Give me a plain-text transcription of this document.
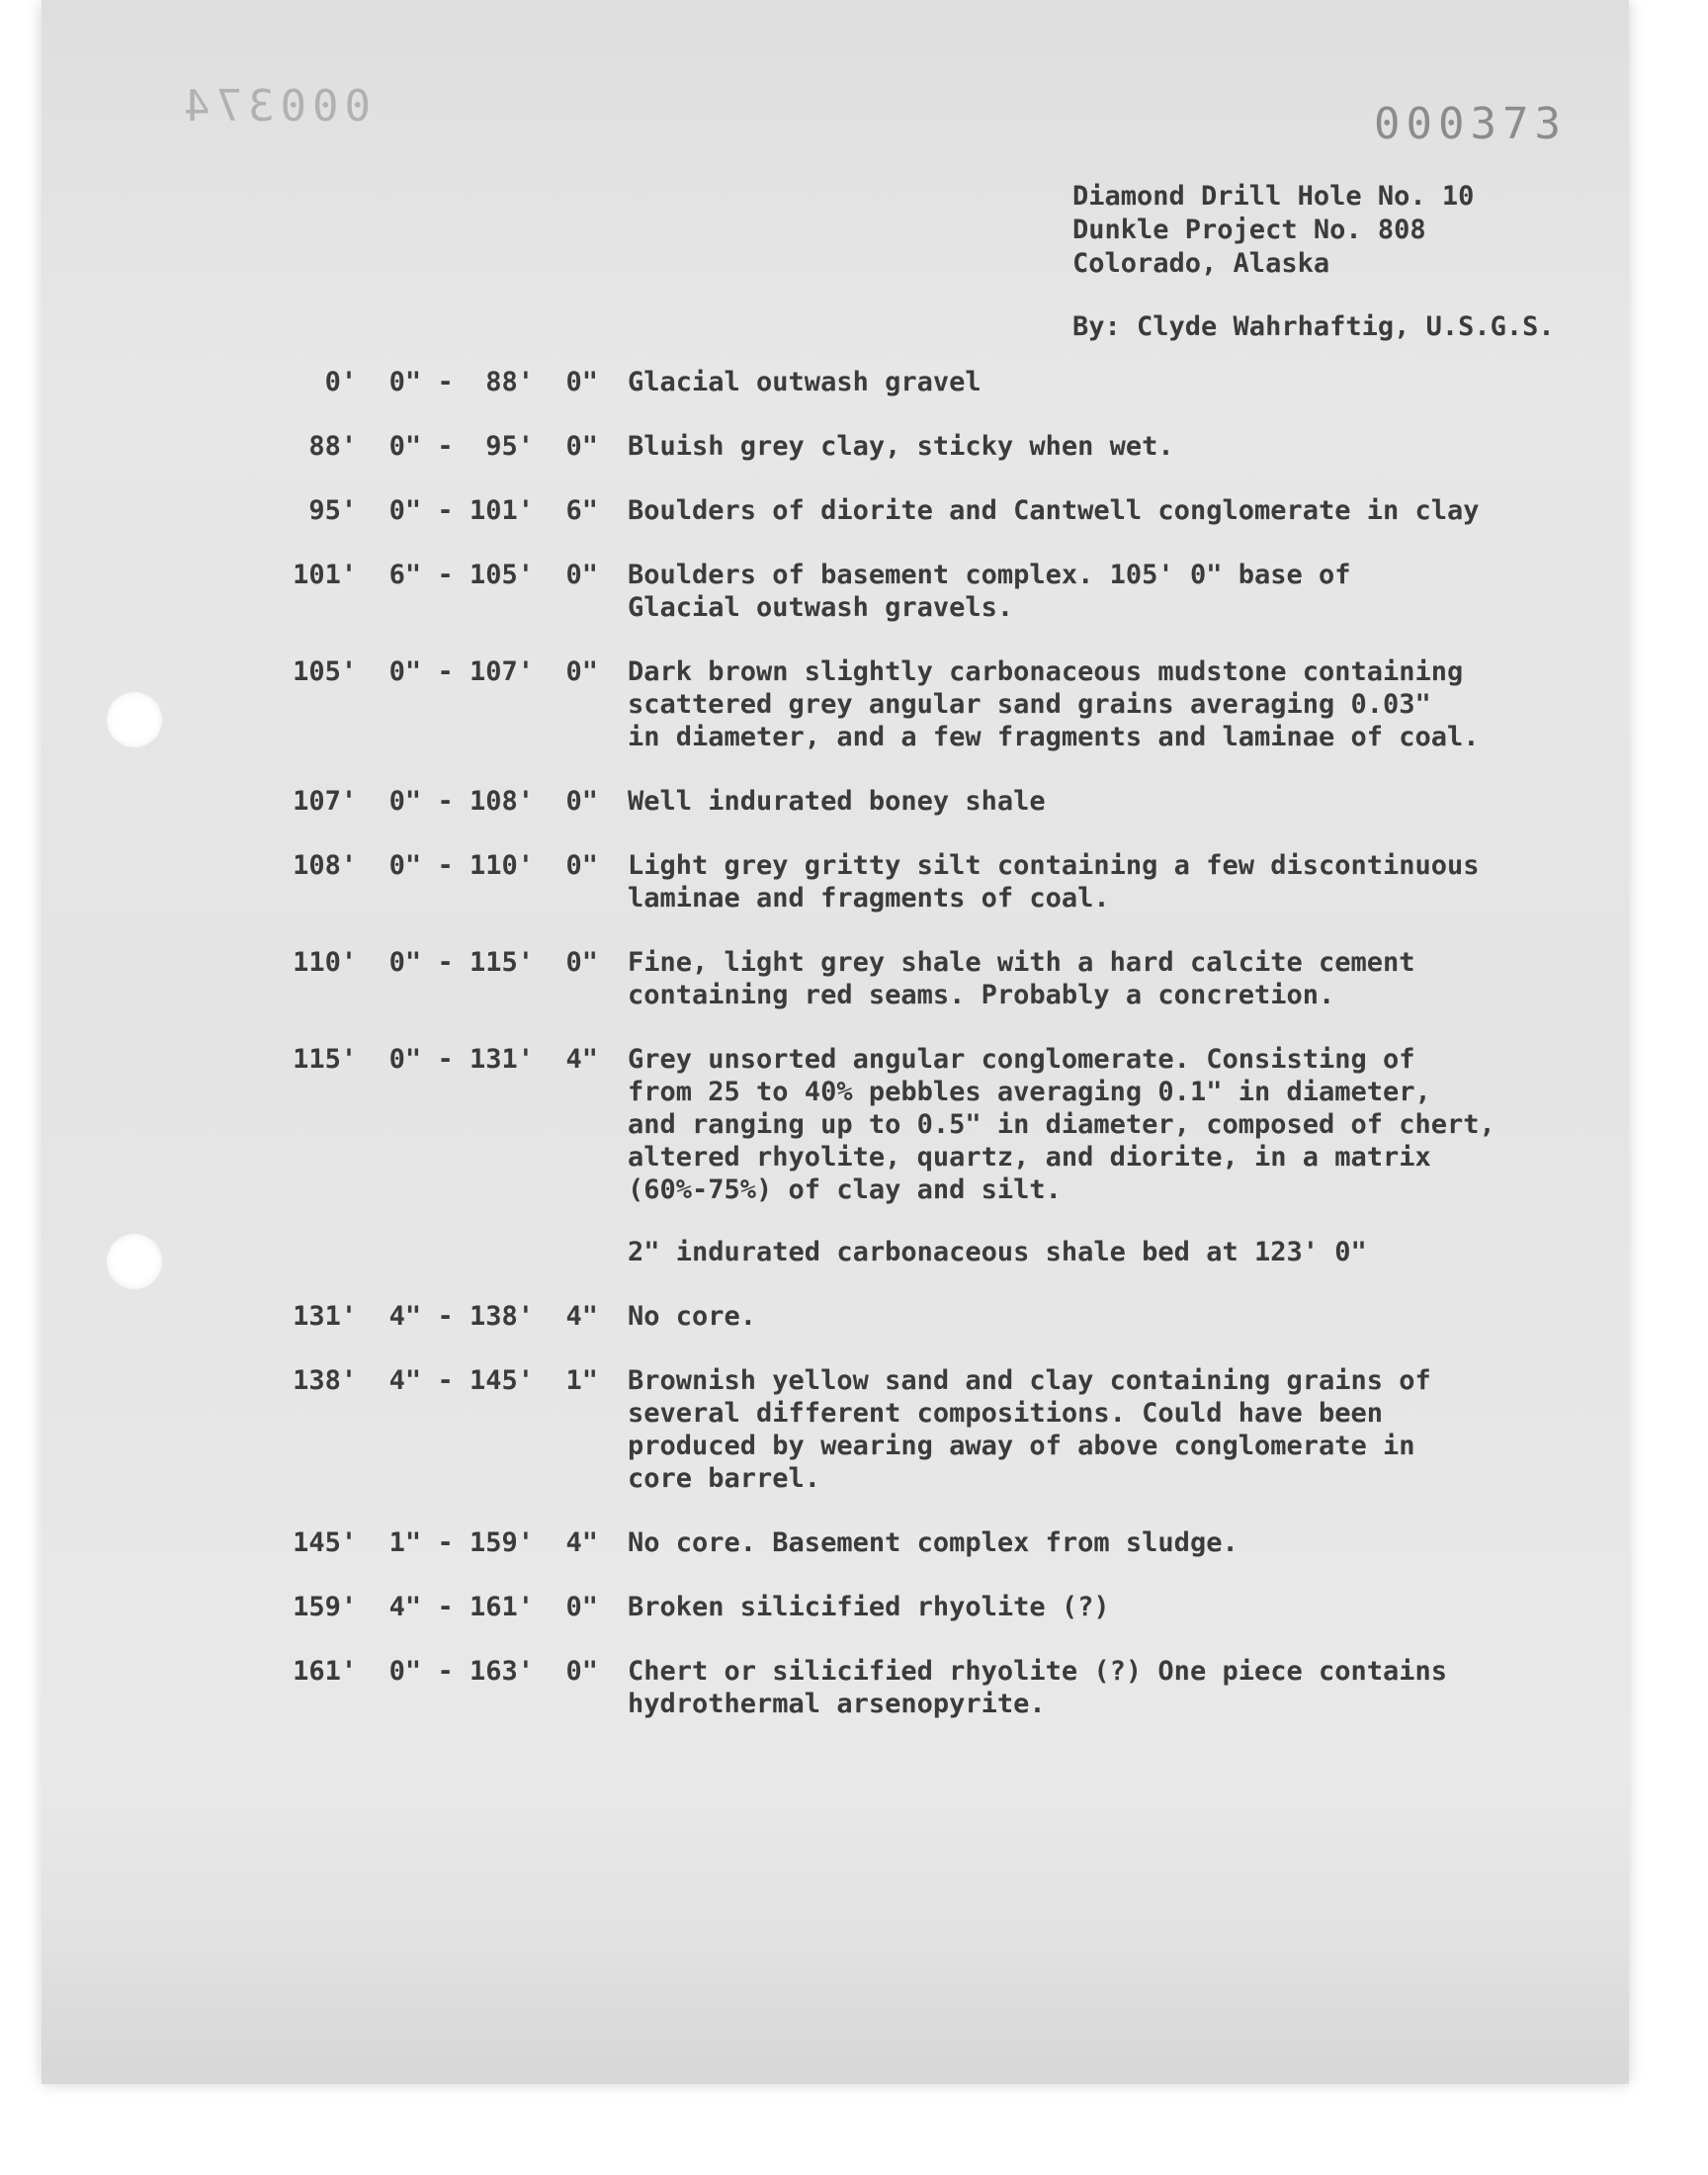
000374	000373
Diamond Drill Hole No. 10
Dunkle Project No. 808
Colorado, Alaska
By: Clyde Wahrhaftig, U.S.G.S.
0'  0" -  88'  0"	Glacial outwash gravel
88'  0" -  95'  0"	Bluish grey clay, sticky when wet.
95'  0" - 101'  6"	Boulders of diorite and Cantwell conglomerate in clay
101'  6" - 105'  0"	Boulders of basement complex. 105' 0" base of
Glacial outwash gravels.
105'  0" - 107'  0"	Dark brown slightly carbonaceous mudstone containing
scattered grey angular sand grains averaging 0.03"
in diameter, and a few fragments and laminae of coal.
107'  0" - 108'  0"	Well indurated boney shale
108'  0" - 110'  0"	Light grey gritty silt containing a few discontinuous
laminae and fragments of coal.
110'  0" - 115'  0"	Fine, light grey shale with a hard calcite cement
containing red seams. Probably a concretion.
115'  0" - 131'  4"	Grey unsorted angular conglomerate. Consisting of
from 25 to 40% pebbles averaging 0.1" in diameter,
and ranging up to 0.5" in diameter, composed of chert,
altered rhyolite, quartz, and diorite, in a matrix
(60%-75%) of clay and silt.
2" indurated carbonaceous shale bed at 123' 0"
131'  4" - 138'  4"	No core.
138'  4" - 145'  1"	Brownish yellow sand and clay containing grains of
several different compositions. Could have been
produced by wearing away of above conglomerate in
core barrel.
145'  1" - 159'  4"	No core. Basement complex from sludge.
159'  4" - 161'  0"	Broken silicified rhyolite (?)
161'  0" - 163'  0"	Chert or silicified rhyolite (?) One piece contains
hydrothermal arsenopyrite.
